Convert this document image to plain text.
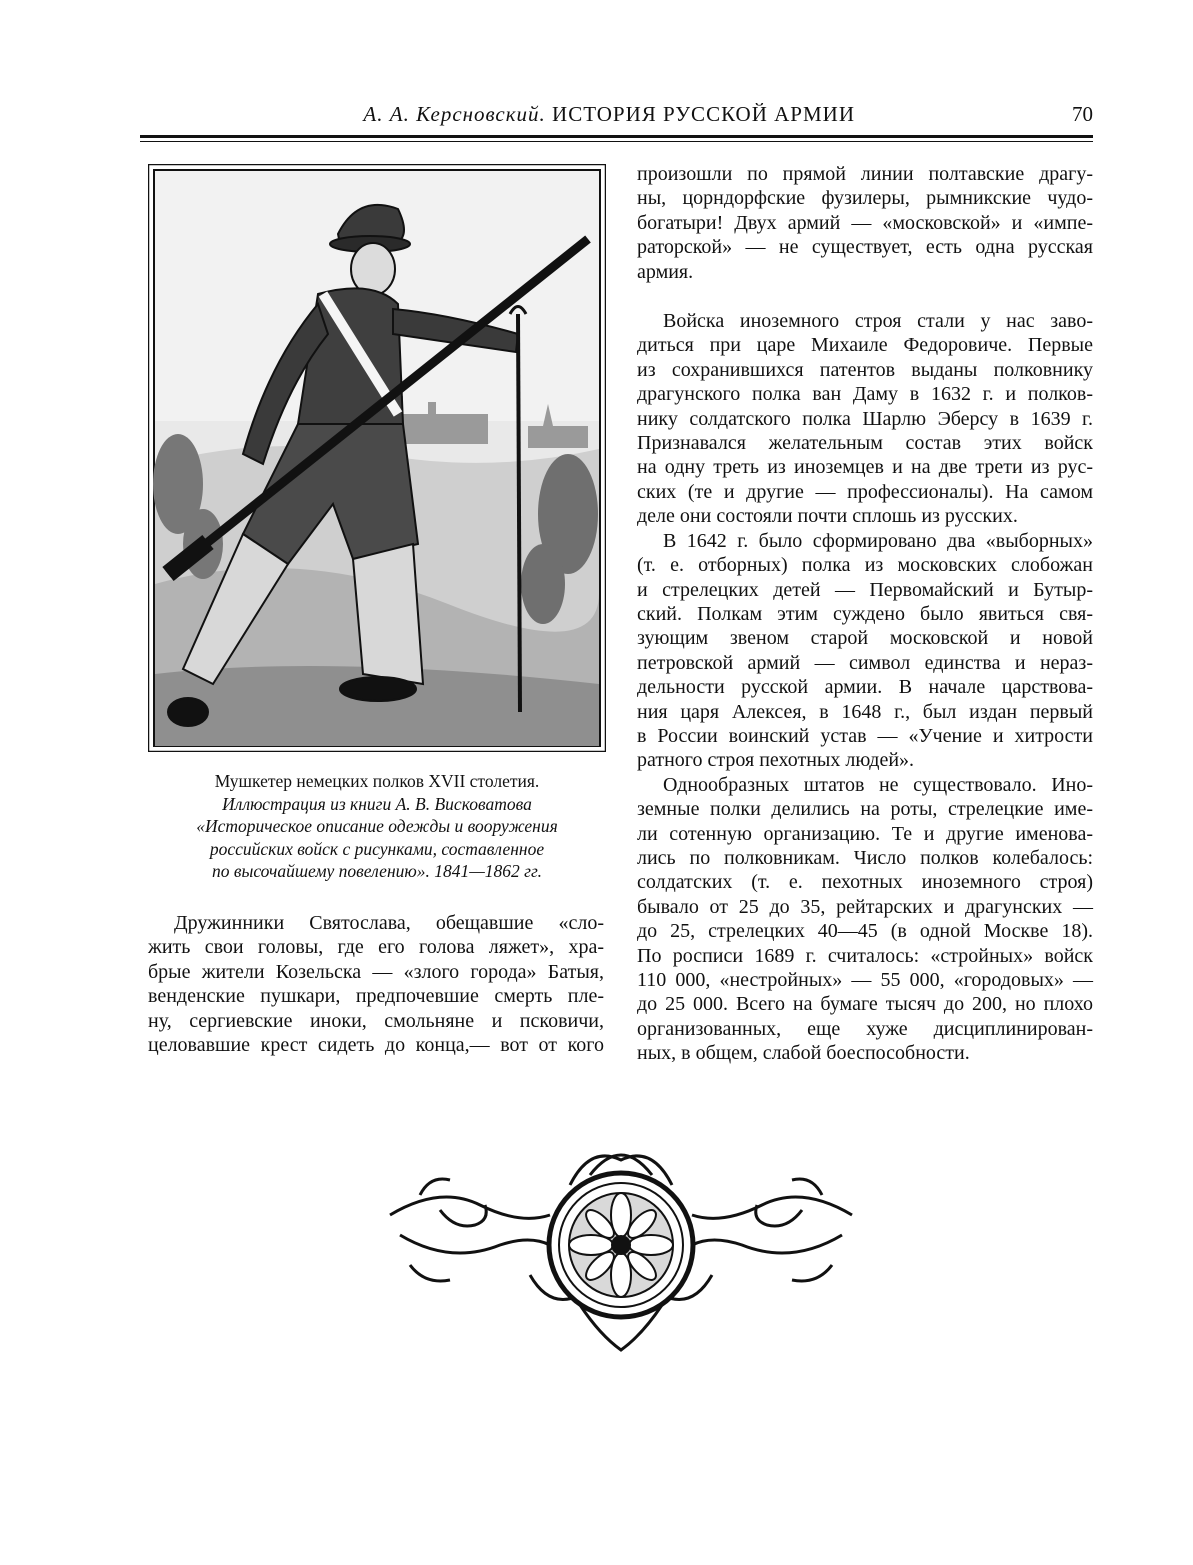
А. А. Керсновский. ИСТОРИЯ РУССКОЙ АРМИИ	70
Мушкетер немецких полков XVII столетия.
Иллюстрация из книги А. В. Висковатова
«Историческое описание одежды и вооружения
российских войск с рисунками, составленное
по высочайшему повелению». 1841—1862 гг.

Дружинники Святослава, обещавшие «сло-
жить свои головы, где его голова ляжет», хра-
брые жители Козельска — «злого города» Батыя,
венденские пушкари, предпочевшие смерть пле-
ну, сергиевские иноки, смольняне и псковичи,
целовавшие крест сидеть до конца,— вот от кого

произошли по прямой линии полтавские драгу-
ны, цорндорфские фузилеры, рымникские чудо-
богатыри! Двух армий — «московской» и «импе-
раторской» — не существует, есть одна русская
армия.

Войска иноземного строя стали у нас заво-
диться при царе Михаиле Федоровиче. Первые
из сохранившихся патентов выданы полковнику
драгунского полка ван Даму в 1632 г. и полков-
нику солдатского полка Шарлю Эберсу в 1639 г.
Признавался желательным состав этих войск
на одну треть из иноземцев и на две трети из рус-
ских (те и другие — профессионалы). На самом
деле они состояли почти сплошь из русских.

В 1642 г. было сформировано два «выборных»
(т. е. отборных) полка из московских слобожан
и стрелецких детей — Первомайский и Бутыр-
ский. Полкам этим суждено было явиться свя-
зующим звеном старой московской и новой
петровской армий — символ единства и нераз-
дельности русской армии. В начале царствова-
ния царя Алексея, в 1648 г., был издан первый
в России воинский устав — «Учение и хитрости
ратного строя пехотных людей».

Однообразных штатов не существовало. Ино-
земные полки делились на роты, стрелецкие име-
ли сотенную организацию. Те и другие именова-
лись по полковникам. Число полков колебалось:
солдатских (т. е. пехотных иноземного строя)
бывало от 25 до 35, рейтарских и драгунских —
до 25, стрелецких 40—45 (в одной Москве 18).
По росписи 1689 г. считалось: «стройных» войск
110 000, «нестройных» — 55 000, «городовых» —
до 25 000. Всего на бумаге тысяч до 200, но плохо
организованных, еще хуже дисциплинирован-
ных, в общем, слабой боеспособности.
